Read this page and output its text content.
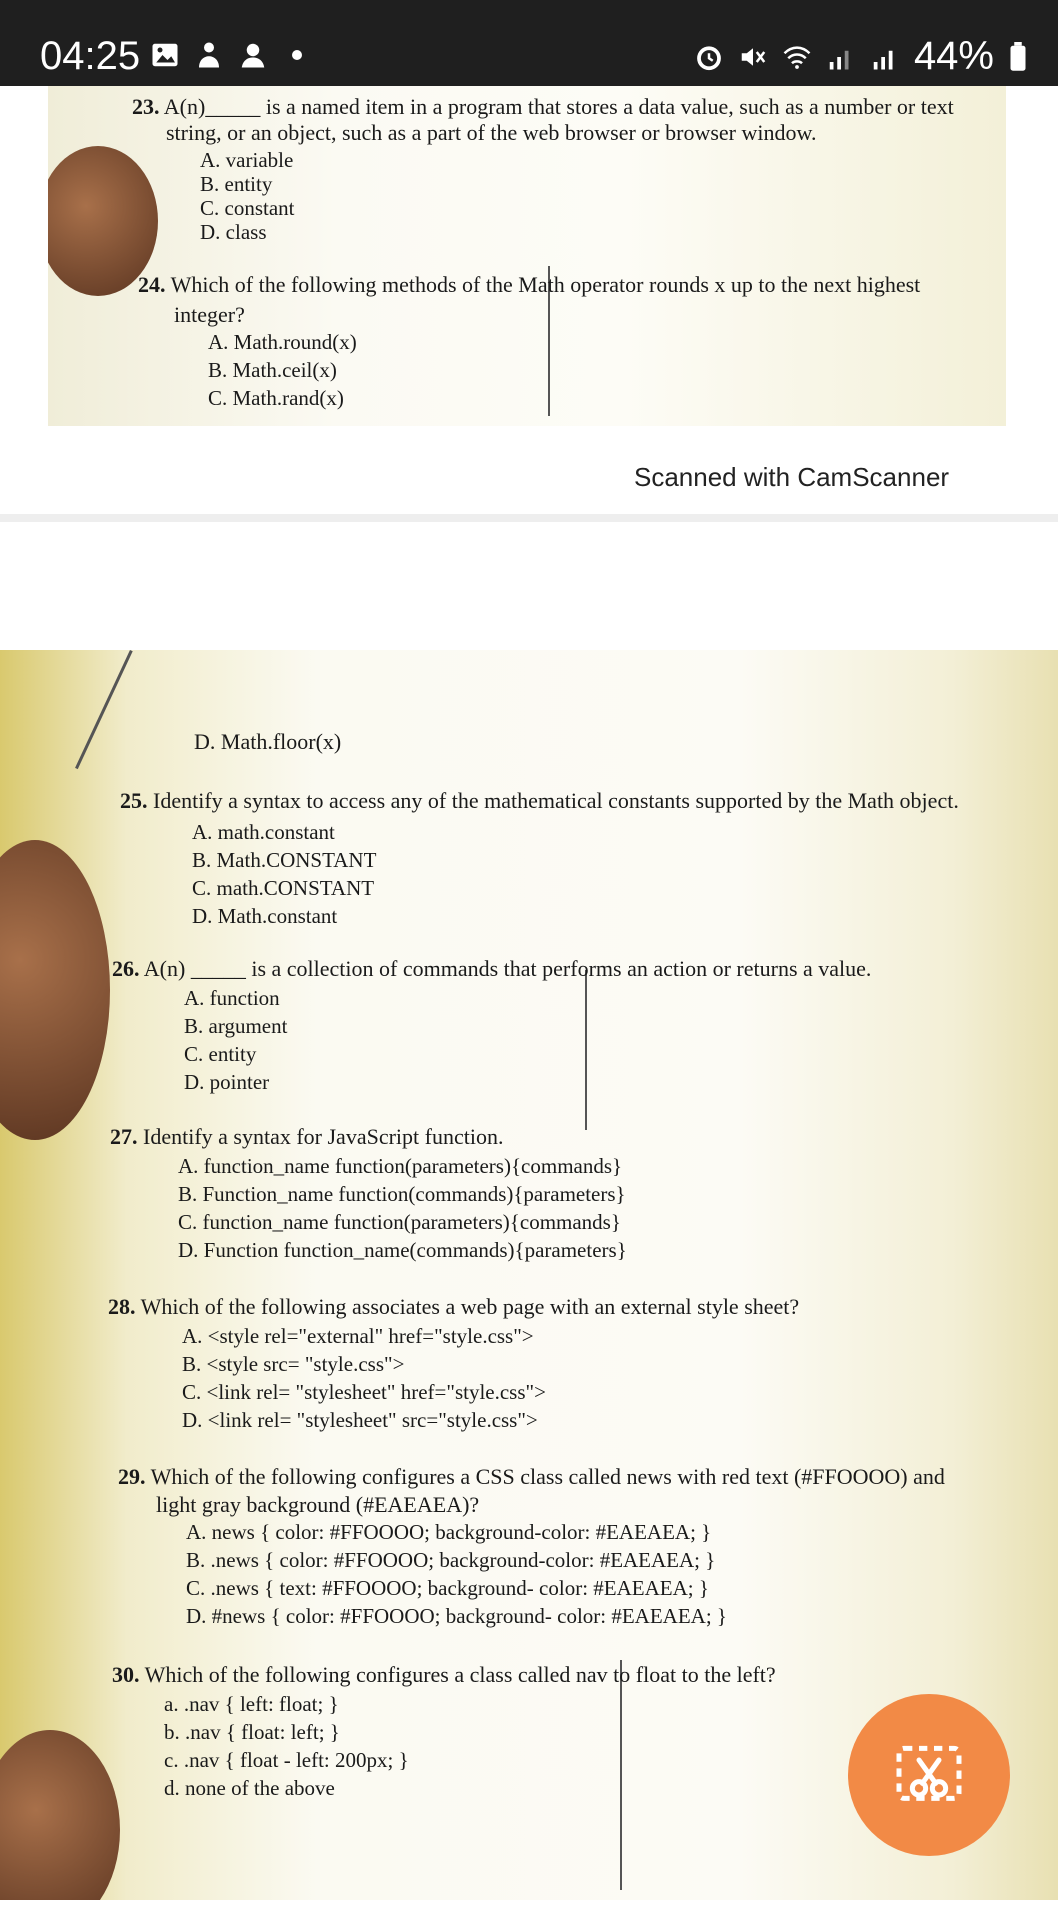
04:25	44%
23. A(n)_____ is a named item in a program that stores a data value, such as a number or text
string, or an object, such as a part of the web browser or browser window.
A. variable
B. entity
C. constant
D. class
24. Which of the following methods of the Math operator rounds x up to the next highest
integer?
A. Math.round(x)
B. Math.ceil(x)
C. Math.rand(x)
Scanned with CamScanner
D. Math.floor(x)
25. Identify a syntax to access any of the mathematical constants supported by the Math object.
A. math.constant
B. Math.CONSTANT
C. math.CONSTANT
D. Math.constant
26. A(n) _____ is a collection of commands that performs an action or returns a value.
A. function
B. argument
C. entity
D. pointer
27. Identify a syntax for JavaScript function.
A. function_name function(parameters){commands}
B. Function_name function(commands){parameters}
C. function_name function(parameters){commands}
D. Function function_name(commands){parameters}
28. Which of the following associates a web page with an external style sheet?
A. <style rel="external" href="style.css">
B. <style src= "style.css">
C. <link rel= "stylesheet" href="style.css">
D. <link rel= "stylesheet" src="style.css">
29. Which of the following configures a CSS class called news with red text (#FFOOOO) and
light gray background (#EAEAEA)?
A. news { color: #FFOOOO; background-color: #EAEAEA; }
B. .news { color: #FFOOOO; background-color: #EAEAEA; }
C. .news { text: #FFOOOO; background- color: #EAEAEA; }
D. #news { color: #FFOOOO; background- color: #EAEAEA; }
30. Which of the following configures a class called nav to float to the left?
a. .nav { left: float; }
b. .nav { float: left; }
c. .nav { float - left: 200px; }
d. none of the above
